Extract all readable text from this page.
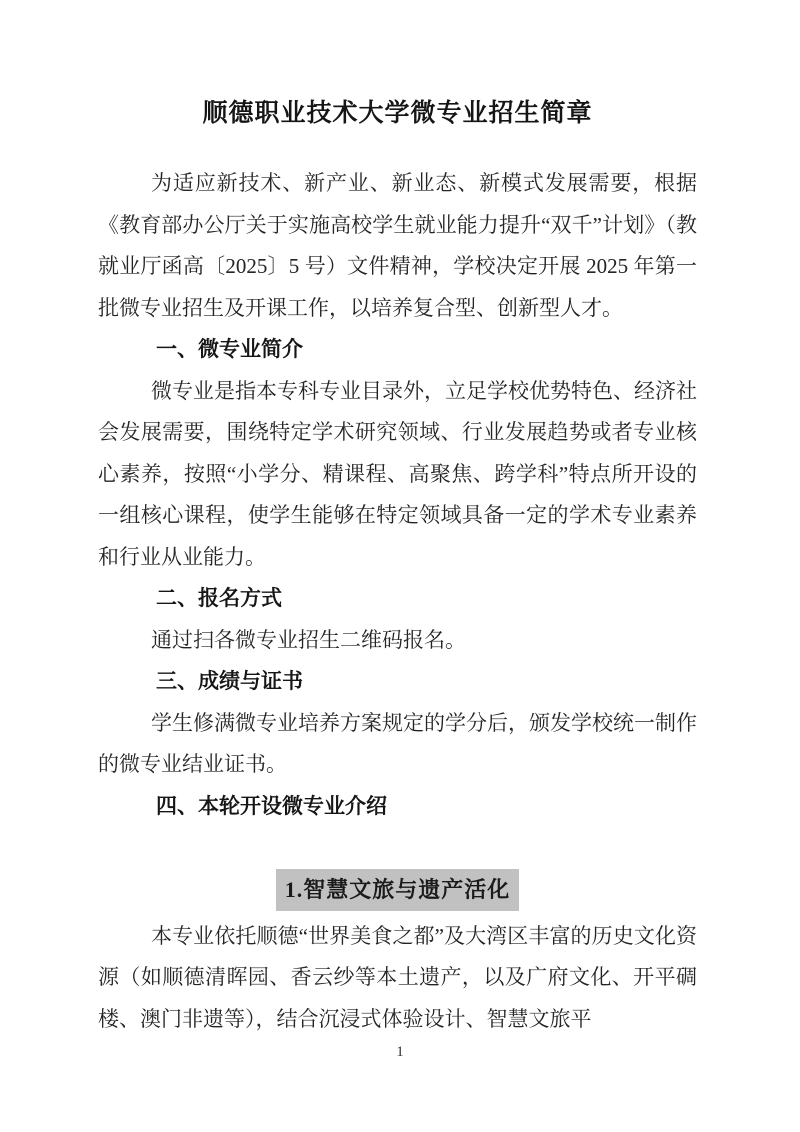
顺德职业技术大学微专业招生简章

为适应新技术、新产业、新业态、新模式发展需要，根据《教育部办公厅关于实施高校学生就业能力提升“双千”计划》（教就业厅函高〔2025〕5 号）文件精神，学校决定开展 2025 年第一批微专业招生及开课工作，以培养复合型、创新型人才。

一、微专业简介

微专业是指本专科专业目录外，立足学校优势特色、经济社会发展需要，围绕特定学术研究领域、行业发展趋势或者专业核心素养，按照“小学分、精课程、高聚焦、跨学科”特点所开设的一组核心课程，使学生能够在特定领域具备一定的学术专业素养和行业从业能力。

二、报名方式

通过扫各微专业招生二维码报名。

三、成绩与证书

学生修满微专业培养方案规定的学分后，颁发学校统一制作的微专业结业证书。

四、本轮开设微专业介绍
1.智慧文旅与遗产活化

本专业依托顺德“世界美食之都”及大湾区丰富的历史文化资源（如顺德清晖园、香云纱等本土遗产，以及广府文化、开平碉楼、澳门非遗等），结合沉浸式体验设计、智慧文旅平

1
